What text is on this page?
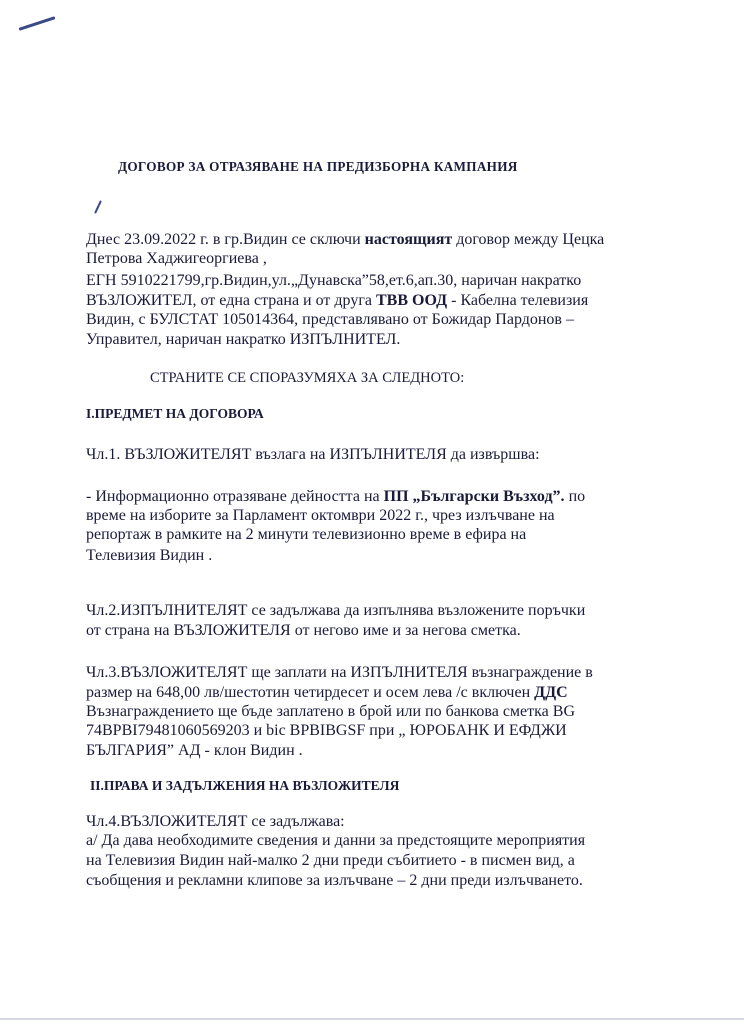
ДОГОВОР ЗА ОТРАЗЯВАНЕ НА ПРЕДИЗБОРНА КАМПАНИЯ
Днес 23.09.2022 г. в гр.Видин се сключи настоящият договор между Цецка
Петрова Хаджигеоргиева ,
ЕГН 5910221799,гр.Видин,ул.„Дунавска”58,ет.6,ап.30, наричан накратко
ВЪЗЛОЖИТЕЛ, от една страна и от друга ТВВ ООД - Кабелна телевизия
Видин, с БУЛСТАТ 105014364, представлявано от Божидар Пардонов –
Управител, наричан накратко ИЗПЪЛНИТЕЛ.
СТРАНИТЕ СЕ СПОРАЗУМЯХА ЗА СЛЕДНОТО:
I.ПРЕДМЕТ НА ДОГОВОРА
Чл.1. ВЪЗЛОЖИТЕЛЯТ възлага на ИЗПЪЛНИТЕЛЯ да извършва:
- Информационно отразяване дейността на ПП „Български Възход”. по
време на изборите за Парламент октомври 2022 г., чрез излъчване на
репортаж в рамките на 2 минути телевизионно време в ефира на
Телевизия Видин .
Чл.2.ИЗПЪЛНИТЕЛЯТ се задължава да изпълнява възложените поръчки
от страна на ВЪЗЛОЖИТЕЛЯ от негово име и за негова сметка.
Чл.3.ВЪЗЛОЖИТЕЛЯТ ще заплати на ИЗПЪЛНИТЕЛЯ възнаграждение в
размер на 648,00 лв/шестотин четирдесет и осем лева /с включен ДДС
Възнаграждението ще бъде заплатено в брой или по банкова сметка BG
74BPBI79481060569203 и bic BPBIBGSF при „ ЮРОБАНК И ЕФДЖИ
БЪЛГАРИЯ” АД - клон Видин .
II.ПРАВА И ЗАДЪЛЖЕНИЯ НА ВЪЗЛОЖИТЕЛЯ
Чл.4.ВЪЗЛОЖИТЕЛЯТ се задължава:
а/ Да дава необходимите сведения и данни за предстоящите мероприятия
на Телевизия Видин най-малко 2 дни преди събитието - в писмен вид, а
съобщения и рекламни клипове за излъчване – 2 дни преди излъчването.
